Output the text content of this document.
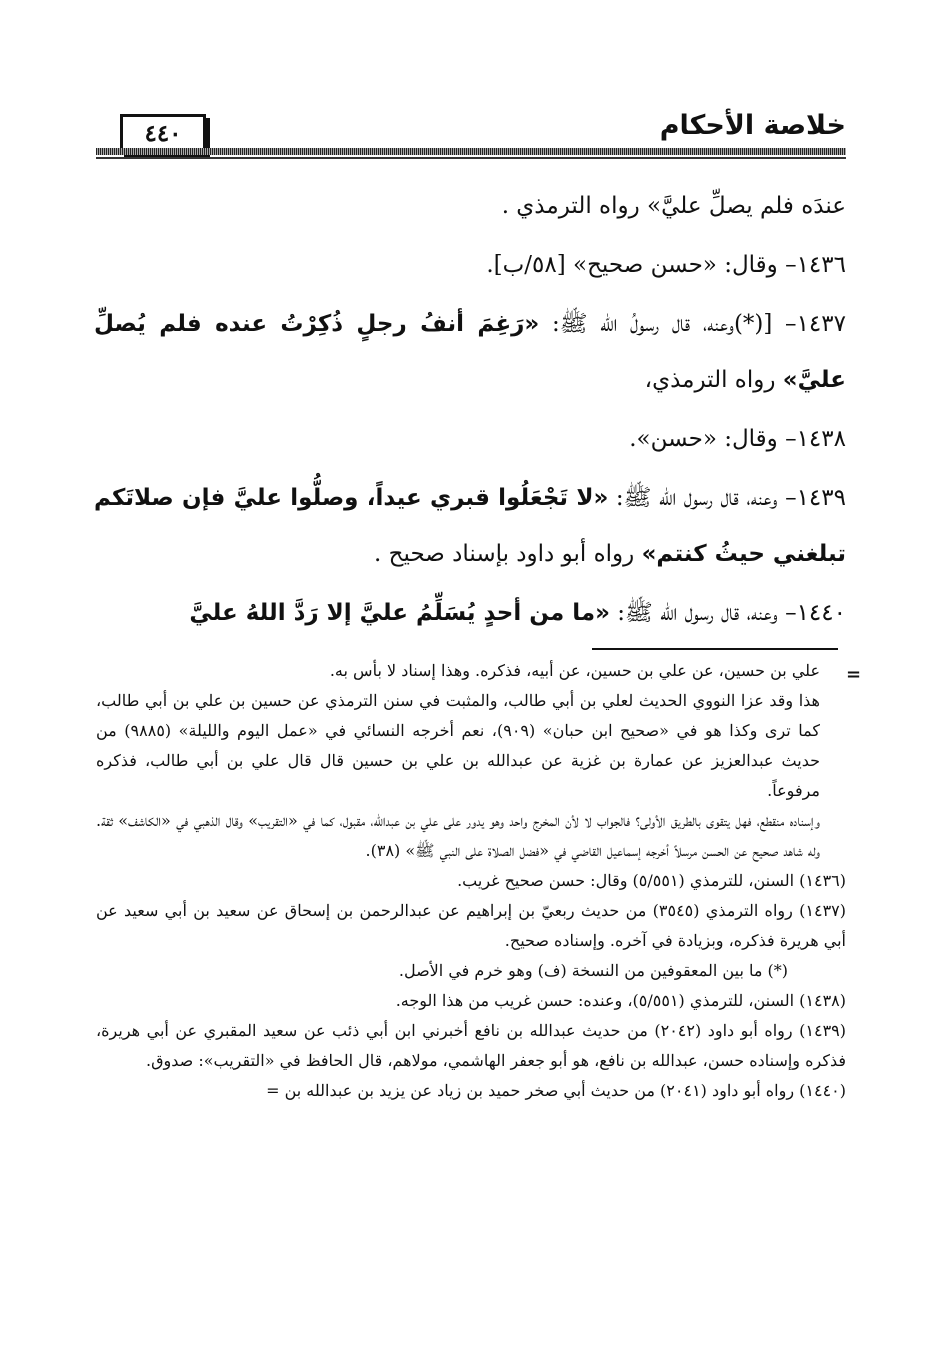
خلاصة الأحكام
٤٤٠

عندَه فلم يصلِّ عليَّ» رواه الترمذي .

١٤٣٦– وقال: «حسن صحيح» [٥٨/ب].

١٤٣٧– [(*)وعنه، قال رسولُ الله ﷺ: «رَغِمَ أنفُ رجلٍ ذُكِرْتُ عنده فلم يُصلِّ عليَّ» رواه الترمذي،

١٤٣٨– وقال: «حسن».

١٤٣٩– وعنه، قال رسول الله ﷺ: «لا تَجْعَلُوا قبري عيداً، وصلُّوا عليَّ فإن صلاتَكم تبلغني حيثُ كنتم» رواه أبو داود بإسناد صحيح .

١٤٤٠– وعنه، قال رسول الله ﷺ: «ما من أحدٍ يُسَلِّمُ عليَّ إلا رَدَّ اللهُ عليَّ

=

علي بن حسين، عن علي بن حسين، عن أبيه، فذكره. وهذا إسناد لا بأس به.

هذا وقد عزا النووي الحديث لعلي بن أبي طالب، والمثبت في سنن الترمذي عن حسين بن علي بن أبي طالب، كما ترى وكذا هو في «صحيح ابن حبان» (٩٠٩)، نعم أخرجه النسائي في «عمل اليوم والليلة» (٩٨٨٥) من حديث عبدالعزيز عن عمارة بن غزية عن عبدالله بن علي بن حسين قال قال علي بن أبي طالب، فذكره مرفوعاً.

وإسناده منقطع، فهل يتقوى بالطريق الأولى؟ فالجواب لا لأن المخرج واحد وهو يدور على علي بن عبدالله، مقبول، كما في «التقريب» وقال الذهبي في «الكاشف» ثقة. وله شاهد صحيح عن الحسن مرسلاً أخرجه إسماعيل القاضي في «فضل الصلاة على النبي ﷺ» (٣٨).

(١٤٣٦) السنن، للترمذي (٥/٥٥١) وقال: حسن صحيح غريب.

(١٤٣٧) رواه الترمذي (٣٥٤٥) من حديث ربعيّ بن إبراهيم عن عبدالرحمن بن إسحاق عن سعيد بن أبي سعيد عن أبي هريرة فذكره، وبزيادة في آخره. وإسناده صحيح.

(*) ما بين المعقوفين من النسخة (ف) وهو خرم في الأصل.

(١٤٣٨) السنن، للترمذي (٥/٥٥١)، وعنده: حسن غريب من هذا الوجه.

(١٤٣٩) رواه أبو داود (٢٠٤٢) من حديث عبدالله بن نافع أخبرني ابن أبي ذئب عن سعيد المقبري عن أبي هريرة، فذكره وإسناده حسن، عبدالله بن نافع، هو أبو جعفر الهاشمي، مولاهم، قال الحافظ في «التقريب»: صدوق.

(١٤٤٠) رواه أبو داود (٢٠٤١) من حديث أبي صخر حميد بن زياد عن يزيد بن عبدالله بن =
